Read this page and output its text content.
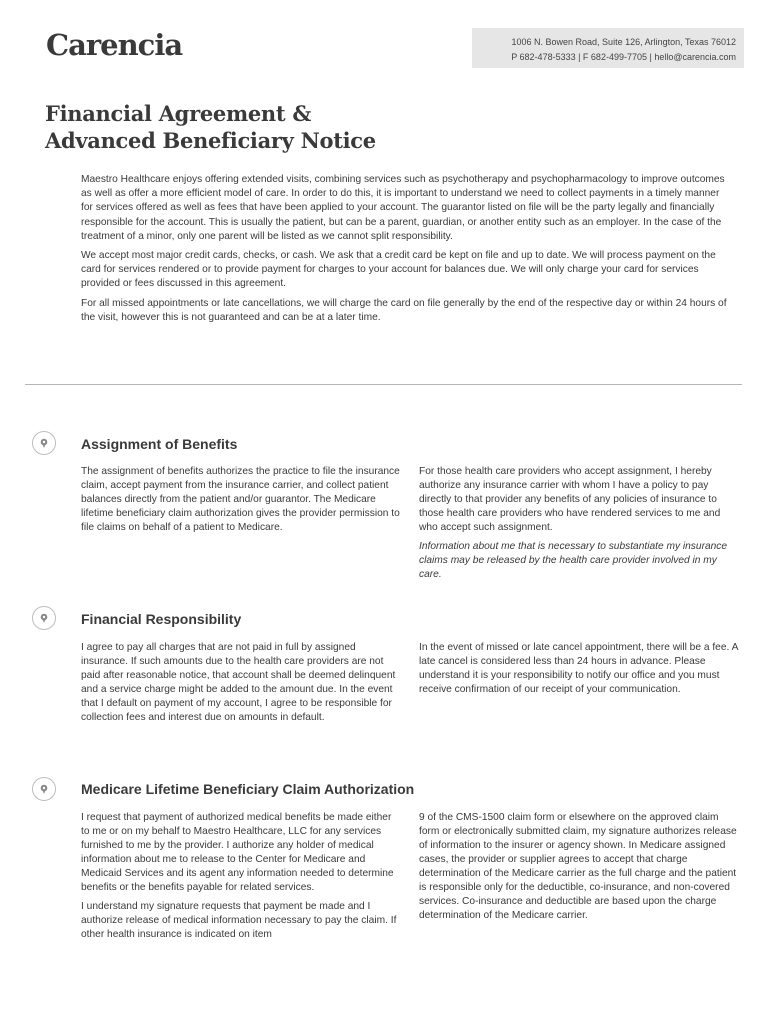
Carencia	1006 N. Bowen Road, Suite 126, Arlington, Texas 76012
P 682-478-5333 | F 682-499-7705 | hello@carencia.com
Financial Agreement &
Advanced Beneficiary Notice

Maestro Healthcare enjoys offering extended visits, combining services such as psychotherapy and psychopharmacology to improve outcomes as well as offer a more efficient model of care. In order to do this, it is important to understand we need to collect payments in a timely manner for services offered as well as fees that have been applied to your account. The guarantor listed on file will be the party legally and financially responsible for the account. This is usually the patient, but can be a parent, guardian, or another entity such as an employer. In the case of the treatment of a minor, only one parent will be listed as we cannot split responsibility.

We accept most major credit cards, checks, or cash. We ask that a credit card be kept on file and up to date. We will process payment on the card for services rendered or to provide payment for charges to your account for balances due. We will only charge your card for services provided or fees discussed in this agreement.

For all missed appointments or late cancellations, we will charge the card on file generally by the end of the respective day or within 24 hours of the visit, however this is not guaranteed and can be at a later time.

Assignment of Benefits

The assignment of benefits authorizes the practice to file the insurance claim, accept payment from the insurance carrier, and collect patient balances directly from the patient and/or guarantor. The Medicare lifetime beneficiary claim authorization gives the provider permission to file claims on behalf of a patient to Medicare.

For those health care providers who accept assignment, I hereby authorize any insurance carrier with whom I have a policy to pay directly to that provider any benefits of any policies of insurance to those health care providers who have rendered services to me and who accept such assignment.

Information about me that is necessary to substantiate my insurance claims may be released by the health care provider involved in my care.

Financial Responsibility

I agree to pay all charges that are not paid in full by assigned insurance. If such amounts due to the health care providers are not paid after reasonable notice, that account shall be deemed delinquent and a service charge might be added to the amount due. In the event that I default on payment of my account, I agree to be responsible for collection fees and interest due on amounts in default.

In the event of missed or late cancel appointment, there will be a fee. A late cancel is considered less than 24 hours in advance. Please understand it is your responsibility to notify our office and you must receive confirmation of our receipt of your communication.

Medicare Lifetime Beneficiary Claim Authorization

I request that payment of authorized medical benefits be made either to me or on my behalf to Maestro Healthcare, LLC for any services furnished to me by the provider. I authorize any holder of medical information about me to release to the Center for Medicare and Medicaid Services and its agent any information needed to determine benefits or the benefits payable for related services.

I understand my signature requests that payment be made and I authorize release of medical information necessary to pay the claim. If other health insurance is indicated on item

9 of the CMS-1500 claim form or elsewhere on the approved claim form or electronically submitted claim, my signature authorizes release of information to the insurer or agency shown. In Medicare assigned cases, the provider or supplier agrees to accept that charge determination of the Medicare carrier as the full charge and the patient is responsible only for the deductible, co-insurance, and non-covered services. Co-insurance and deductible are based upon the charge determination of the Medicare carrier.
